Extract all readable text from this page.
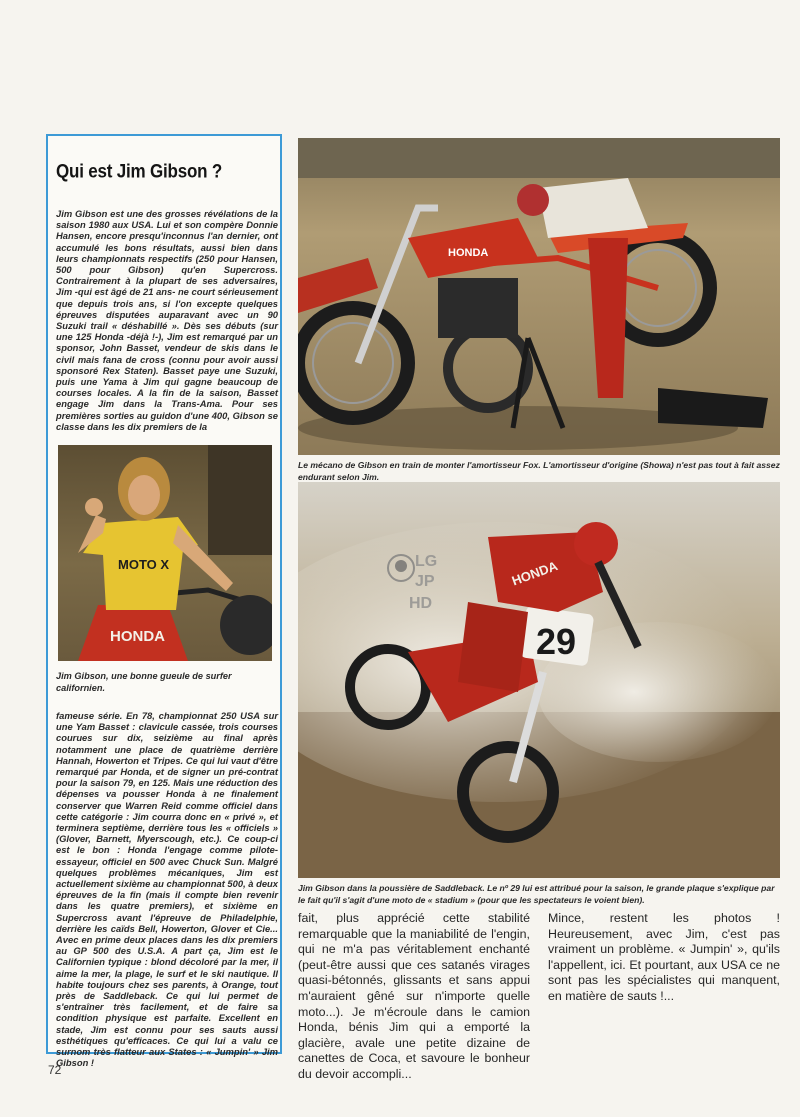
Qui est Jim Gibson ?

Jim Gibson est une des grosses révélations de la saison 1980 aux USA. Lui et son compère Donnie Hansen, encore presqu'inconnus l'an dernier, ont accumulé les bons résultats, aussi bien dans leurs championnats respectifs (250 pour Hansen, 500 pour Gibson) qu'en Supercross. Contrairement à la plupart de ses adversaires, Jim -qui est âgé de 21 ans- ne court sérieusement que depuis trois ans, si l'on excepte quelques épreuves disputées auparavant avec un 90 Suzuki trail « déshabillé ». Dès ses débuts (sur une 125 Honda -déjà !-), Jim est remarqué par un sponsor, John Basset, vendeur de skis dans le civil mais fana de cross (connu pour avoir aussi sponsoré Rex Staten). Basset paye une Suzuki, puis une Yama à Jim qui gagne beaucoup de courses locales. A la fin de la saison, Basset engage Jim dans la Trans-Ama. Pour ses premières sorties au guidon d'une 400, Gibson se classe dans les dix premiers de la

HONDA
MOTO X

Jim Gibson, une bonne gueule de surfer californien.

fameuse série. En 78, championnat 250 USA sur une Yam Basset : clavicule cassée, trois courses courues sur dix, seizième au final après notamment une place de quatrième derrière Hannah, Howerton et Tripes. Ce qui lui vaut d'être remarqué par Honda, et de signer un pré-contrat pour la saison 79, en 125. Mais une réduction des dépenses va pousser Honda à ne finalement conserver que Warren Reid comme officiel dans cette catégorie : Jim courra donc en « privé », et terminera septième, derrière tous les « officiels » (Glover, Barnett, Myerscough, etc.). Ce coup-ci est le bon : Honda l'engage comme pilote-essayeur, officiel en 500 avec Chuck Sun. Malgré quelques problèmes mécaniques, Jim est actuellement sixième au championnat 500, à deux épreuves de la fin (mais il compte bien revenir dans les quatre premiers), et sixième en Supercross avant l'épreuve de Philadelphie, derrière les caïds Bell, Howerton, Glover et Cie... Avec en prime deux places dans les dix premiers au GP 500 des U.S.A. A part ça, Jim est le Californien typique : blond décoloré par la mer, il aime la mer, la plage, le surf et le ski nautique. Il habite toujours chez ses parents, à Orange, tout près de Saddleback. Ce qui lui permet de s'entraîner très facilement, et de faire sa condition physique est parfaite. Excellent en stade, Jim est connu pour ses sauts aussi esthétiques qu'efficaces. Ce qui lui a valu ce surnom très flatteur aux States : « Jumpin' » Jim Gibson !

HONDA

Le mécano de Gibson en train de monter l'amortisseur Fox. L'amortisseur d'origine (Showa) n'est pas tout à fait assez endurant selon Jim.

29
HONDA
LG
JP
HD

Jim Gibson dans la poussière de Saddleback. Le nº 29 lui est attribué pour la saison, le grande plaque s'explique par le fait qu'il s'agit d'une moto de « stadium » (pour que les spectateurs le voient bien).

fait, plus apprécié cette stabilité remarquable que la maniabilité de l'engin, qui ne m'a pas véritablement enchanté (peut-être aussi que ces satanés virages quasi-bétonnés, glissants et sans appui m'auraient gêné sur n'importe quelle moto...). Je m'écroule dans le camion Honda, bénis Jim qui a emporté la glacière, avale une petite dizaine de canettes de Coca, et savoure le bonheur du devoir accompli...

Mince, restent les photos ! Heureusement, avec Jim, c'est pas vraiment un problème. « Jumpin' », qu'ils l'appellent, ici. Et pourtant, aux USA ce ne sont pas les spécialistes qui manquent, en matière de sauts !...

72
